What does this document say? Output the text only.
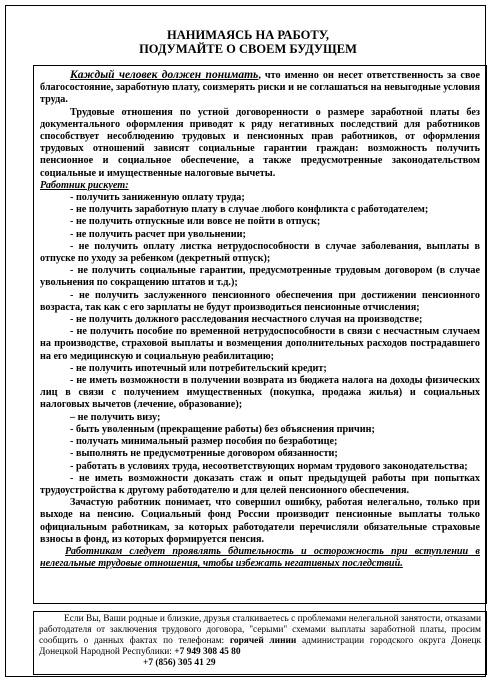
НАНИМАЯСЬ НА РАБОТУ,
ПОДУМАЙТЕ О СВОЕМ БУДУЩЕМ

Каждый человек должен понимать, что именно он несет ответственность за свое благосостояние, заработную плату, соизмерять риски и не соглашаться на невыгодные условия труда.

Трудовые отношения по устной договоренности о размере заработной платы без документального оформления приводят к ряду негативных последствий для работников способствует несоблюдению трудовых и пенсионных прав работников, от оформления трудовых отношений зависят социальные гарантии граждан: возможность получить пенсионное и социальное обеспечение, а также предусмотренные законодательством социальные и имущественные налоговые вычеты.

Работник рискует:

- получить заниженную оплату труда;

- не получить заработную плату в случае любого конфликта с работодателем;

- не получить отпускные или вовсе не пойти в отпуск;

- не получить расчет при увольнении;

- не получить оплату листка нетрудоспособности в случае заболевания, выплаты в отпуске по уходу за ребенком (декретный отпуск);

- не получить социальные гарантии, предусмотренные трудовым договором (в случае увольнения по сокращению штатов и т.д.);

- не получить заслуженного пенсионного обеспечения при достижении пенсионного возраста, так как с его зарплаты не будут производиться пенсионные отчисления;

- не получить должного расследования несчастного случая на производстве;

- не получить пособие по временной нетрудоспособности в связи с несчастным случаем на производстве, страховой выплаты и возмещения дополнительных расходов пострадавшего на его медицинскую и социальную реабилитацию;

- не получить ипотечный или потребительский кредит;

- не иметь возможности в получении возврата из бюджета налога на доходы физических лиц в связи с получением имущественных (покупка, продажа жилья) и социальных налоговых вычетов (лечение, образование);

– не получить визу;

- быть уволенным (прекращение работы) без объяснения причин;

- получать минимальный размер пособия по безработице;

- выполнять не предусмотренные договором обязанности;

- работать в условиях труда, несоответствующих нормам трудового законодательства;

- не иметь возможности доказать стаж и опыт предыдущей работы при попытках трудоустройства к другому работодателю и для целей пенсионного обеспечения.

Зачастую работник понимает, что совершил ошибку, работая нелегально, только при выходе на пенсию. Социальный фонд России производит пенсионные выплаты только официальным работникам, за которых работодатели перечисляли обязательные страховые взносы в фонд, из которых формируется пенсия.

Работникам следует проявлять бдительность и осторожность при вступлении в нелегальные трудовые отношения, чтобы избежать негативных последствий.

Если Вы, Ваши родные и близкие, друзья сталкиваетесь с проблемами нелегальной занятости, отказами работодателя от заключения трудового договора, "серыми" схемами выплаты заработной платы, просим сообщить о данных фактах по телефонам: горячей линии администрации городского округа Донецк Донецкой Народной Республики: +7 949 308 45 80

+7 (856) 305 41 29
